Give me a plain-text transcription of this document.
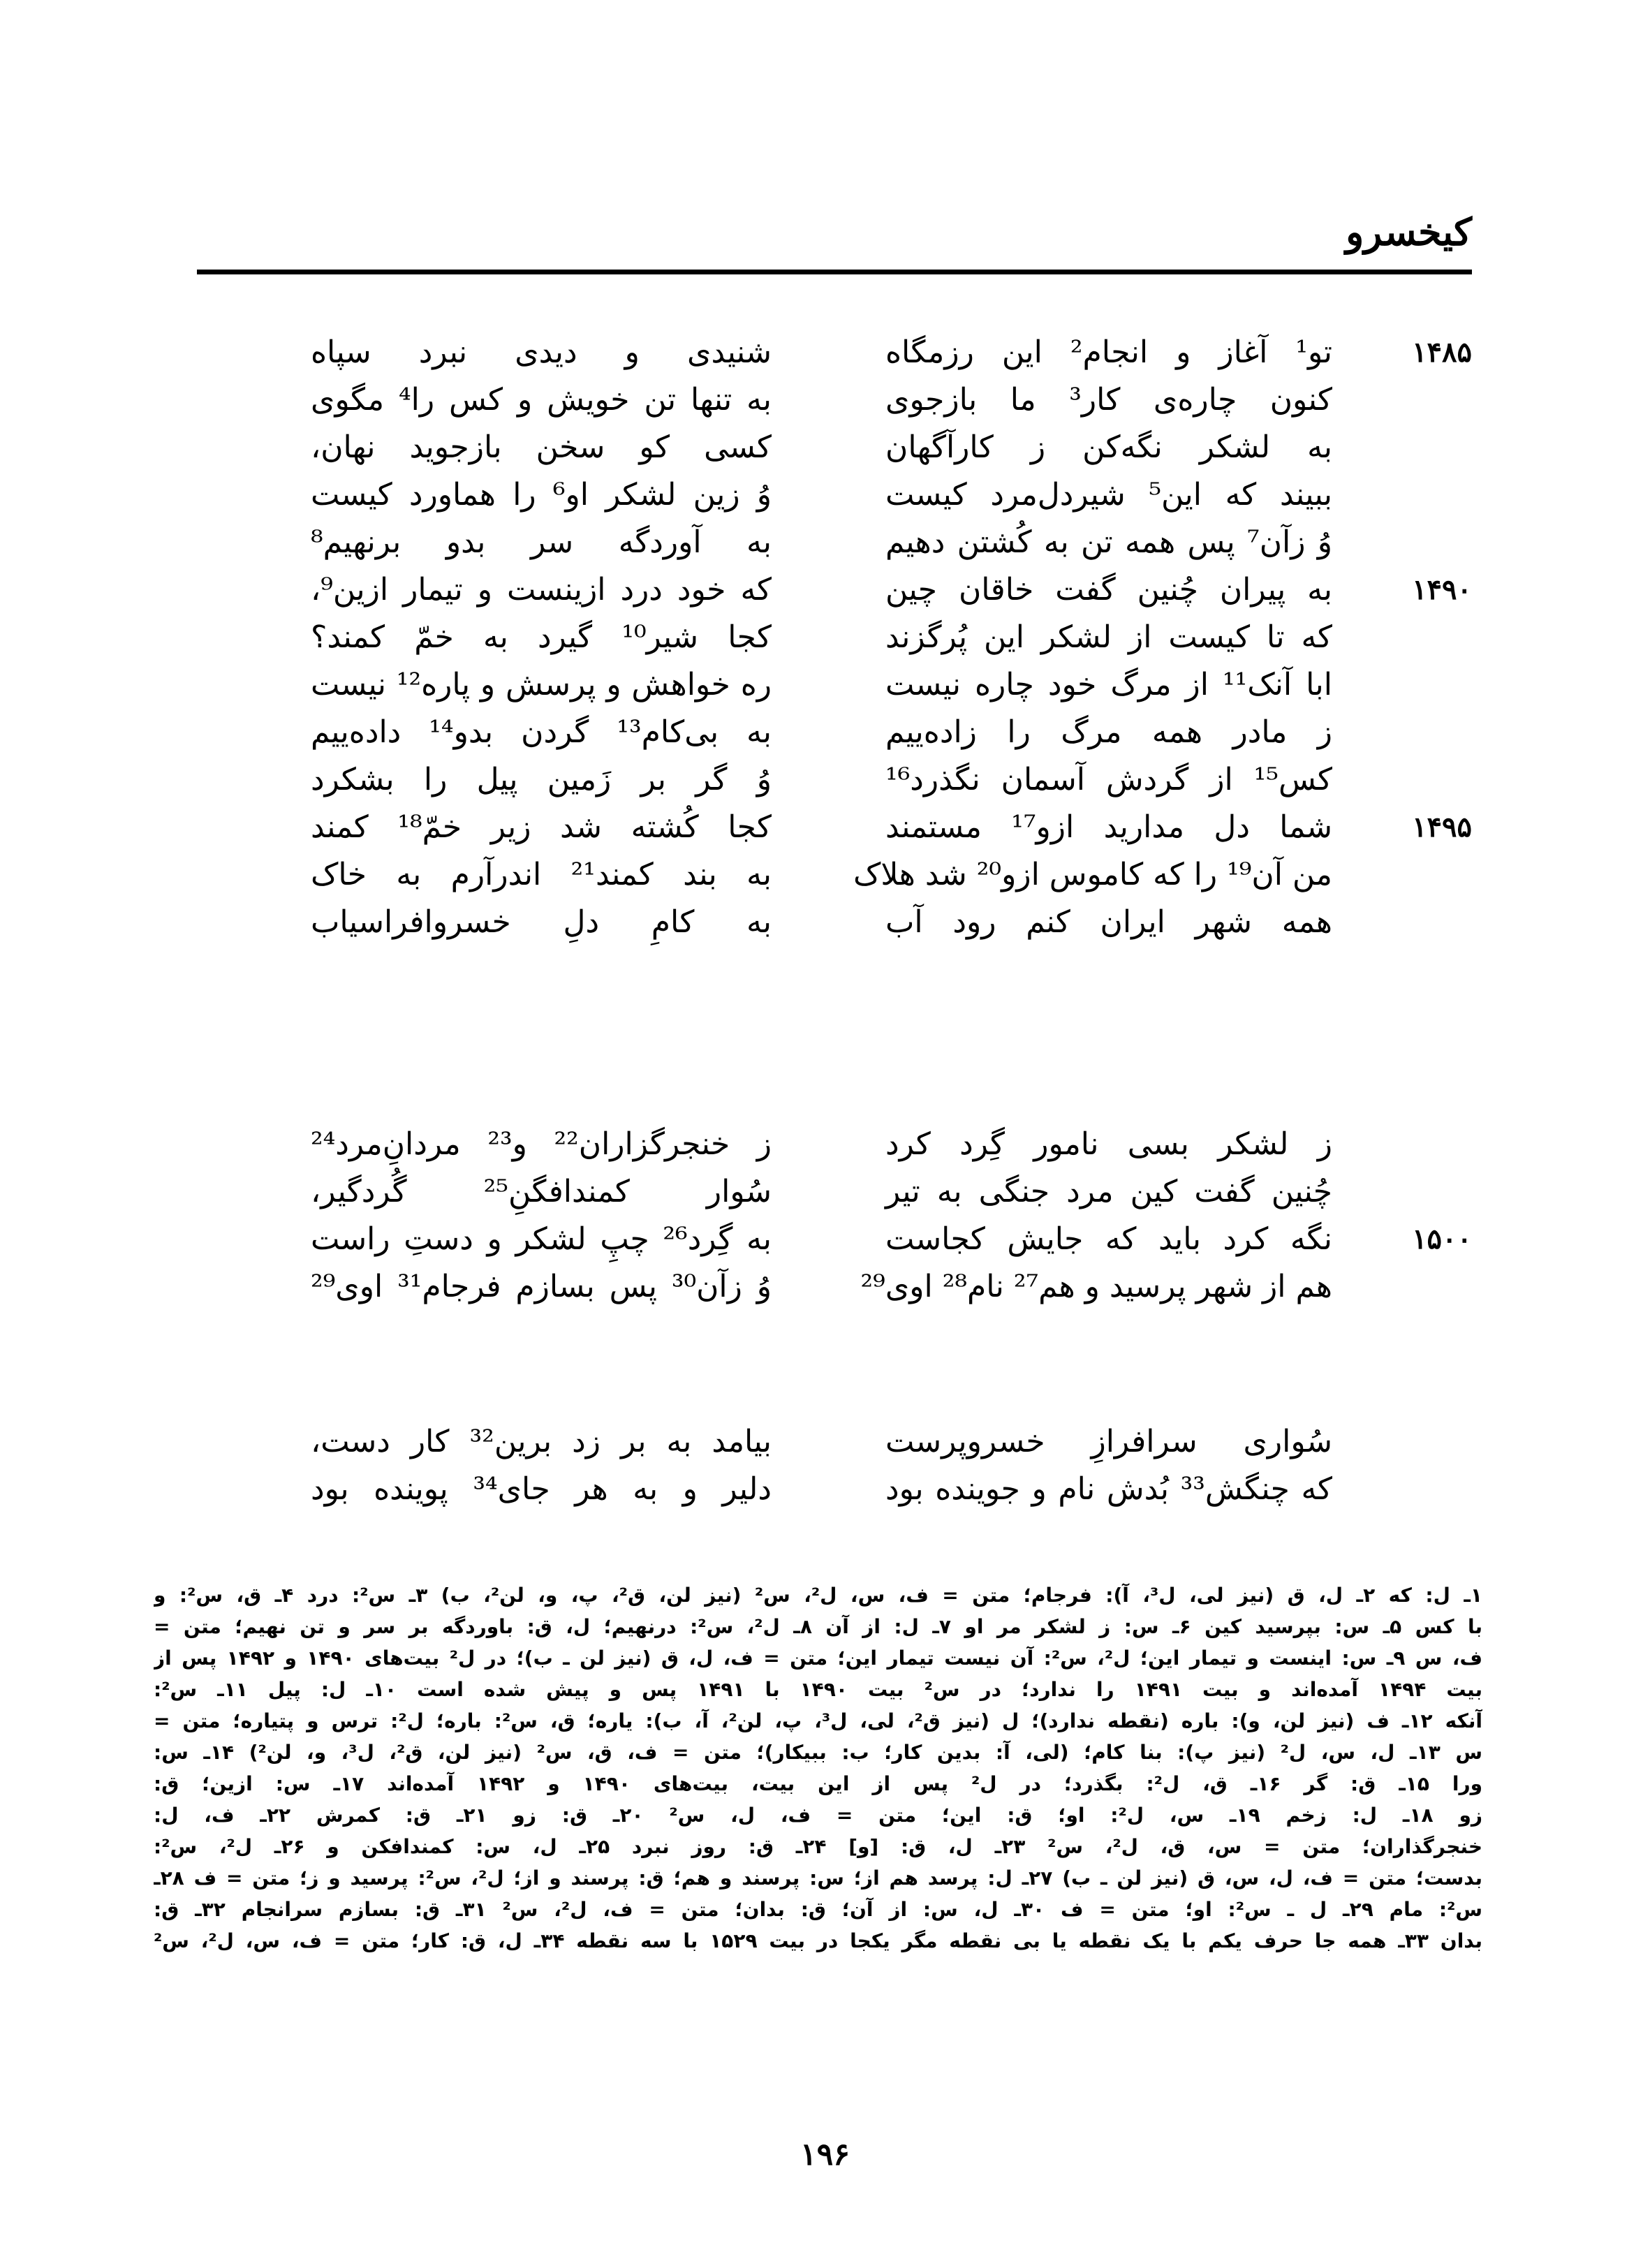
کیخسرو
۱۴۸۵
تو¹ آغاز و انجام² این رزمگاه
شنیدی و دیدی نبرد سپاه
کنون چاره‌ی کار³ ما بازجوی
به تنها تن خویش و کس را⁴ مگوی
به لشکر نگه‌کن ز کارآگهان
کسی کو سخن بازجوید نهان،
ببیند که این⁵ شیردل‌مرد کیست
وُ زین لشکر او⁶ را هماورد کیست
وُ زآن⁷ پس همه تن به کُشتن دهیم
به آوردگه سر بدو برنهیم⁸
۱۴۹۰
به پیران چُنین گفت خاقان چین
که خود درد ازینست و تیمار ازین⁹،
که تا کیست از لشکر این پُرگزند
کجا شیر¹⁰ گیرد به خمّ کمند؟
ابا آنک¹¹ از مرگ خود چاره نیست
ره خواهش و پرسش و پاره¹² نیست
ز مادر همه مرگ را زاده‌ییم
به بی‌کام¹³ گردن بدو¹⁴ داده‌ییم
کس¹⁵ از گردش آسمان نگذرد¹⁶
وُ گر بر زَمین پیل را بشکرد
۱۴۹۵
شما دل مدارید ازو¹⁷ مستمند
کجا کُشته شد زیر خمّ¹⁸ کمند
من آن¹⁹ را که کاموس ازو²⁰ شد هلاک
به بند کمند²¹ اندرآرم به خاک
همه شهر ایران کنم رود آب
به کامِ دلِ خسروافراسیاب
ز لشکر بسی نامور گِرد کرد
ز خنجرگزاران²² و²³ مردانِ‌مرد²⁴
چُنین گفت کین مرد جنگی به تیر
سُوار کمندافگنِ²⁵ گُردگیر،
۱۵۰۰
نگه کرد باید که جایش کجاست
به گِرد²⁶ چپِ لشکر و دستِ راست
هم از شهر پرسید و هم²⁷ نام²⁸ اوی²⁹
وُ زآن³⁰ پس بسازم فرجام³¹ اوی²⁹
سُواری سرافرازِ خسروپرست
بیامد به بر زد برین³² کار دست،
که چنگش³³ بُدش نام و جوینده بود
دلیر و به هر جای³⁴ پوینده بود
۱ـ ل: که ۲ـ ل، ق (نیز لی، ل³، آ): فرجام؛ متن = ف، س، ل²، س² (نیز لن، ق²، پ، و، لن²، ب) ۳ـ س²: درد ۴ـ ق، س²: و
با کس ۵ـ س: بپرسید کین ۶ـ س: ز لشکر مر او ۷ـ ل: از آن ۸ـ ل²، س²: درنهیم؛ ل، ق: باوردگه بر سر و تن نهیم؛ متن =
ف، س ۹ـ س: اینست و تیمار این؛ ل²، س²: آن نیست تیمار این؛ متن = ف، ل، ق (نیز لن ـ ب)؛ در ل² بیت‌های ۱۴۹۰ و ۱۴۹۲ پس از
بیت ۱۴۹۴ آمده‌اند و بیت ۱۴۹۱ را ندارد؛ در س² بیت ۱۴۹۰ با ۱۴۹۱ پس و پیش شده است ۱۰ـ ل: پیل ۱۱ـ س²:
آنکه ۱۲ـ ف (نیز لن، و): باره (نقطه ندارد)؛ ل (نیز ق²، لی، ل³، پ، لن²، آ، ب): یاره؛ ق، س²: باره؛ ل²: ترس و پتیاره؛ متن =
س ۱۳ـ ل، س، ل² (نیز پ): بنا کام؛ (لی، آ: بدین کار؛ ب: ببیکار)؛ متن = ف، ق، س² (نیز لن، ق²، ل³، و، لن²) ۱۴ـ س:
ورا ۱۵ـ ق: گر ۱۶ـ ق، ل²: بگذرد؛ در ل² پس از این بیت، بیت‌های ۱۴۹۰ و ۱۴۹۲ آمده‌اند ۱۷ـ س: ازین؛ ق:
زو ۱۸ـ ل: زخم ۱۹ـ س، ل²: او؛ ق: این؛ متن = ف، ل، س² ۲۰ـ ق: زو ۲۱ـ ق: کمرش ۲۲ـ ف، ل:
خنجرگذاران؛ متن = س، ق، ل²، س² ۲۳ـ ل، ق: [و] ۲۴ـ ق: روز نبرد ۲۵ـ ل، س: کمندافکن و ۲۶ـ ل²، س²:
بدست؛ متن = ف، ل، س، ق (نیز لن ـ ب) ۲۷ـ ل: پرسد هم از؛ س: پرسند و هم؛ ق: پرسند و از؛ ل²، س²: پرسید و ز؛ متن = ف ۲۸ـ
س²: مام ۲۹ـ ل ـ س²: او؛ متن = ف ۳۰ـ ل، س: از آن؛ ق: بدان؛ متن = ف، ل²، س² ۳۱ـ ق: بسازم سرانجام ۳۲ـ ق:
بدان ۳۳ـ همه جا حرف یکم با یک نقطه یا بی نقطه مگر یکجا در بیت ۱۵۲۹ با سه نقطه ۳۴ـ ل، ق: کار؛ متن = ف، س، ل²، س²
۱۹۶
